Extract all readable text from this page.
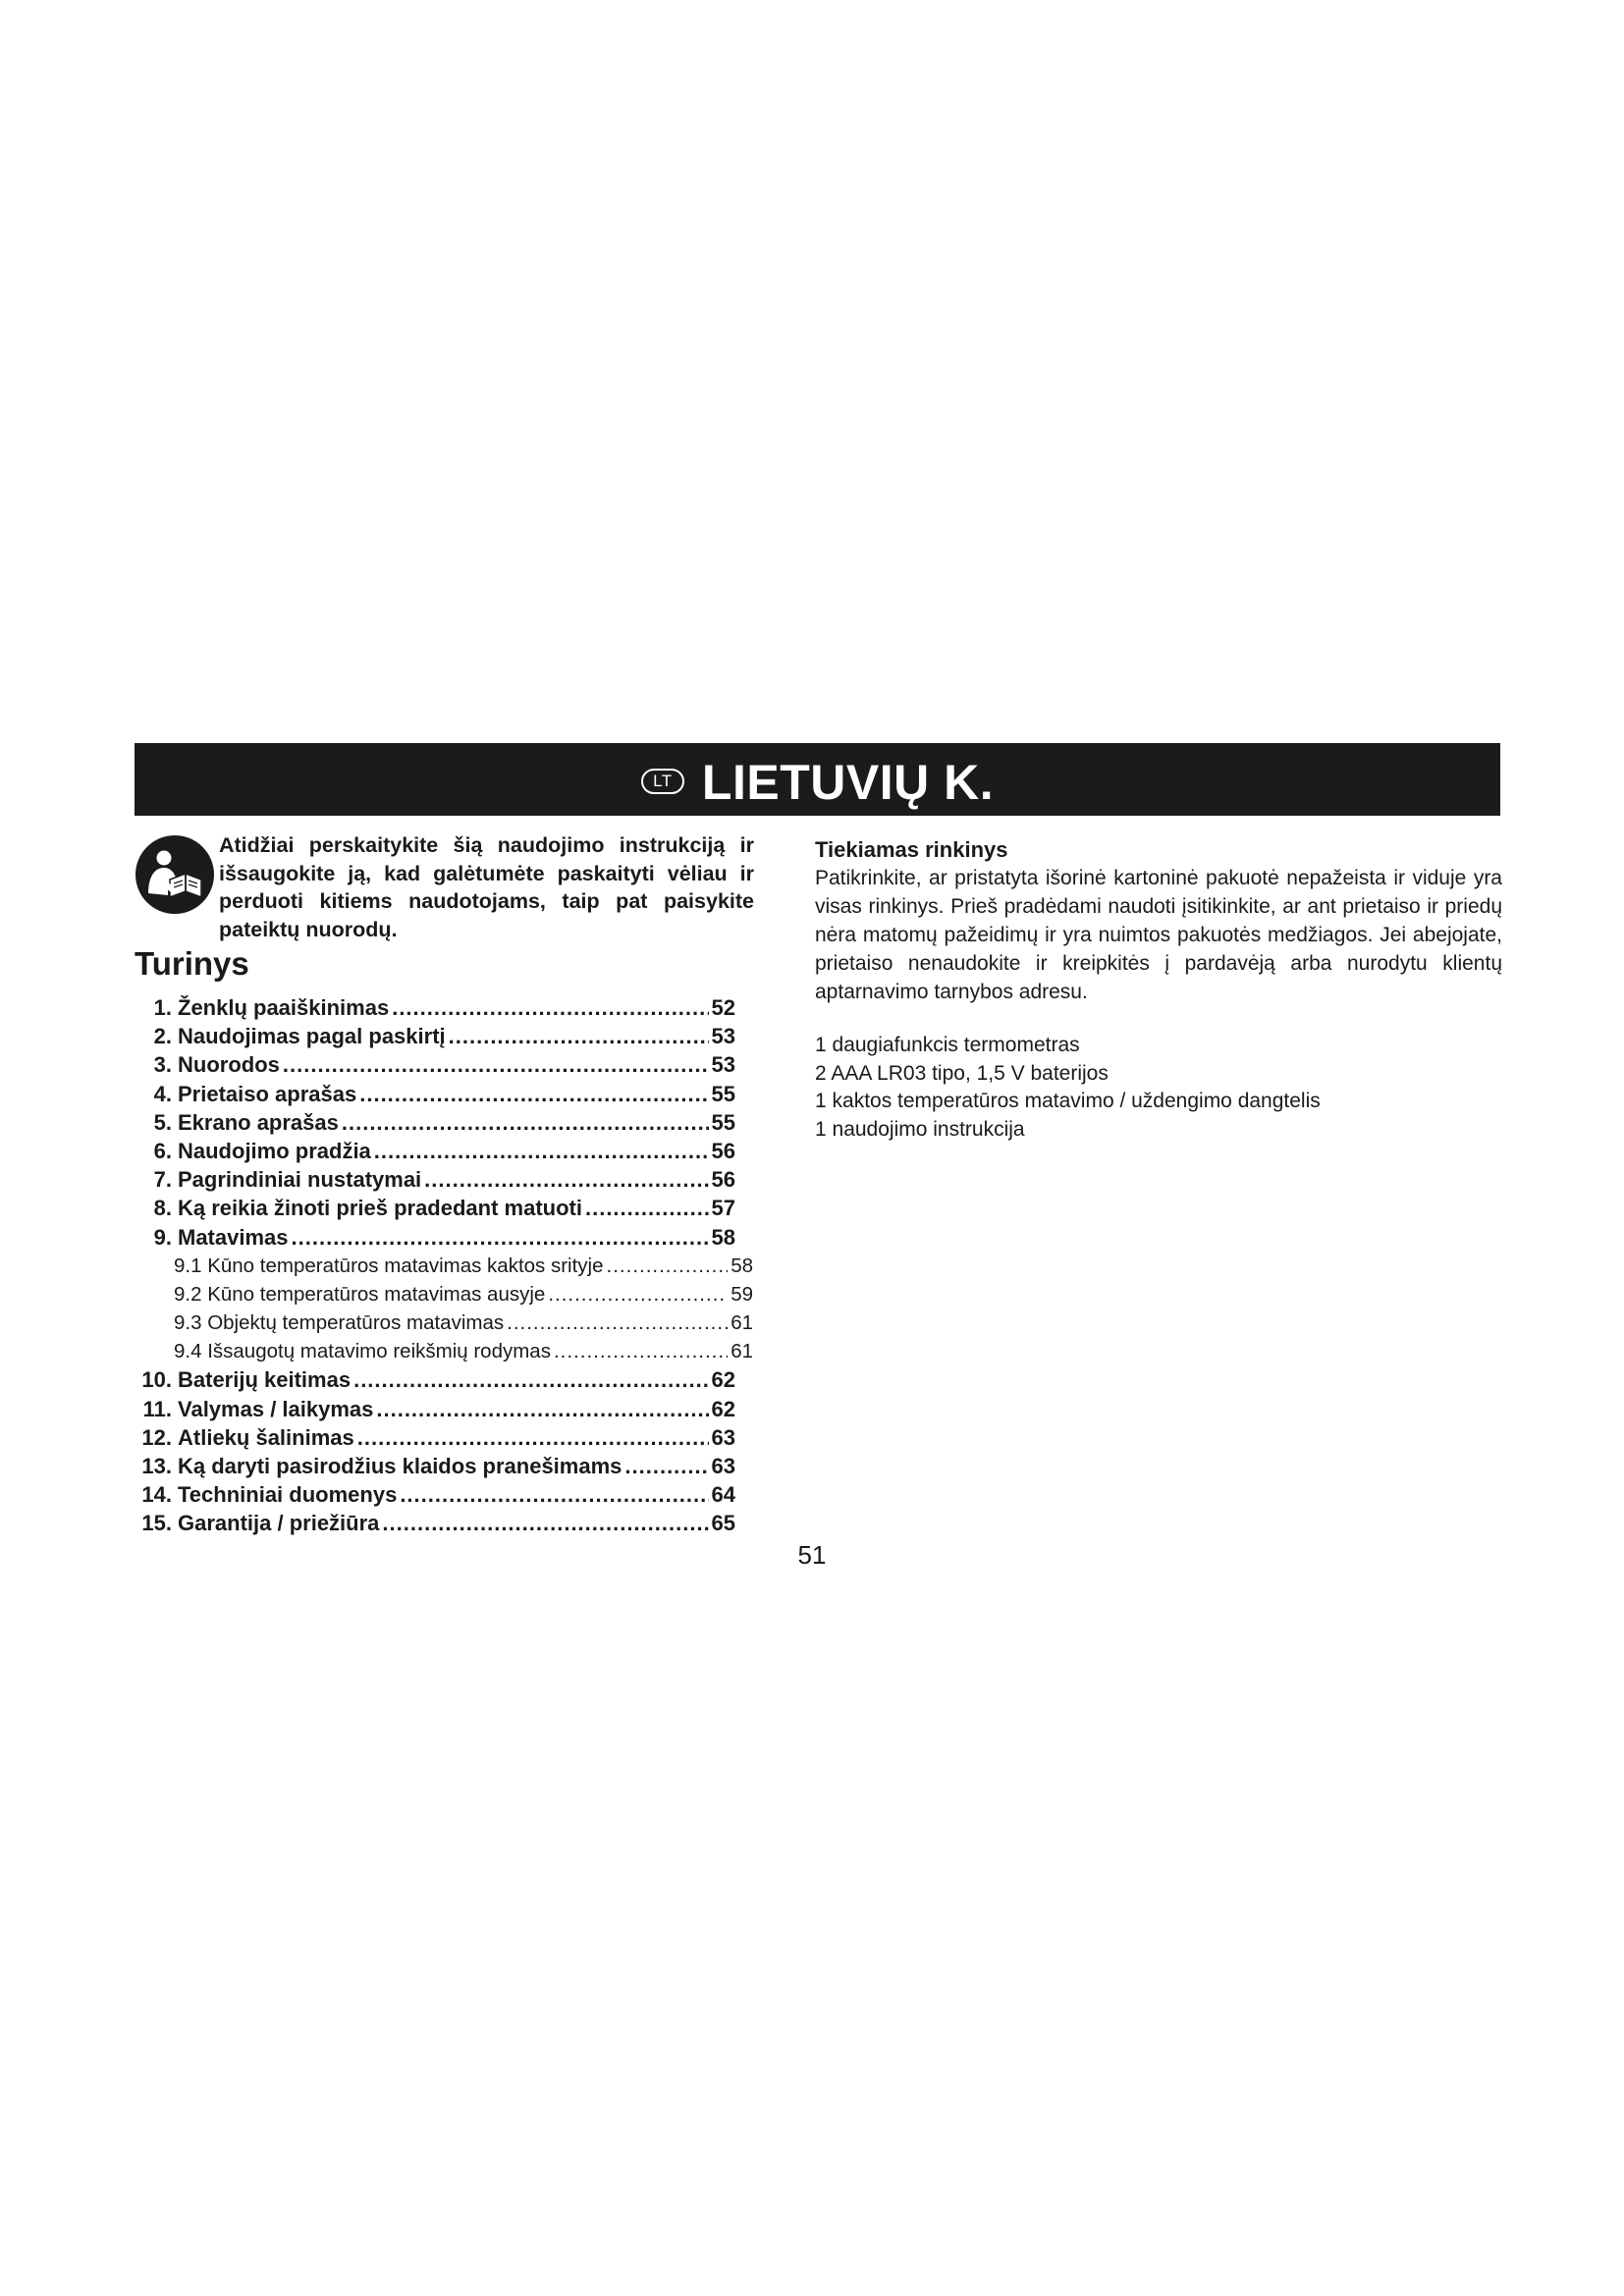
LT LIETUVIŲ K.
Atidžiai perskaitykite šią naudojimo instrukciją ir išsaugokite ją, kad galėtumėte paskaityti vėliau ir perduoti kitiems naudotojams, taip pat paisykite pateiktų nuorodų.
Turinys
1. Ženklų paaiškinimas .....	52
2. Naudojimas pagal paskirtį .....	53
3. Nuorodos .....	53
4. Prietaiso aprašas .....	55
5. Ekrano aprašas .....	55
6. Naudojimo pradžia .....	56
7. Pagrindiniai nustatymai .....	56
8. Ką reikia žinoti prieš pradedant matuoti .....	57
9. Matavimas .....	58
9.1 Kūno temperatūros matavimas kaktos srityje .....	58
9.2 Kūno temperatūros matavimas ausyje .....	59
9.3 Objektų temperatūros matavimas .....	61
9.4 Išsaugotų matavimo reikšmių rodymas .....	61
10. Baterijų keitimas .....	62
11. Valymas / laikymas .....	62
12. Atliekų šalinimas .....	63
13. Ką daryti pasirodžius klaidos pranešimams .....	63
14. Techniniai duomenys .....	64
15. Garantija / priežiūra .....	65

Tiekiamas rinkinys

Patikrinkite, ar pristatyta išorinė kartoninė pakuotė nepažeista ir viduje yra visas rinkinys. Prieš pradėdami naudoti įsitikinkite, ar ant prietaiso ir priedų nėra matomų pažeidimų ir yra nuimtos pakuotės medžiagos. Jei abejojate, prietaiso nenaudokite ir kreipkitės į pardavėją arba nurodytu klientų aptarnavimo tarnybos adresu.

1 daugiafunkcis termometras
2 AAA LR03 tipo, 1,5 V baterijos
1 kaktos temperatūros matavimo / uždengimo dangtelis
1 naudojimo instrukcija
51
